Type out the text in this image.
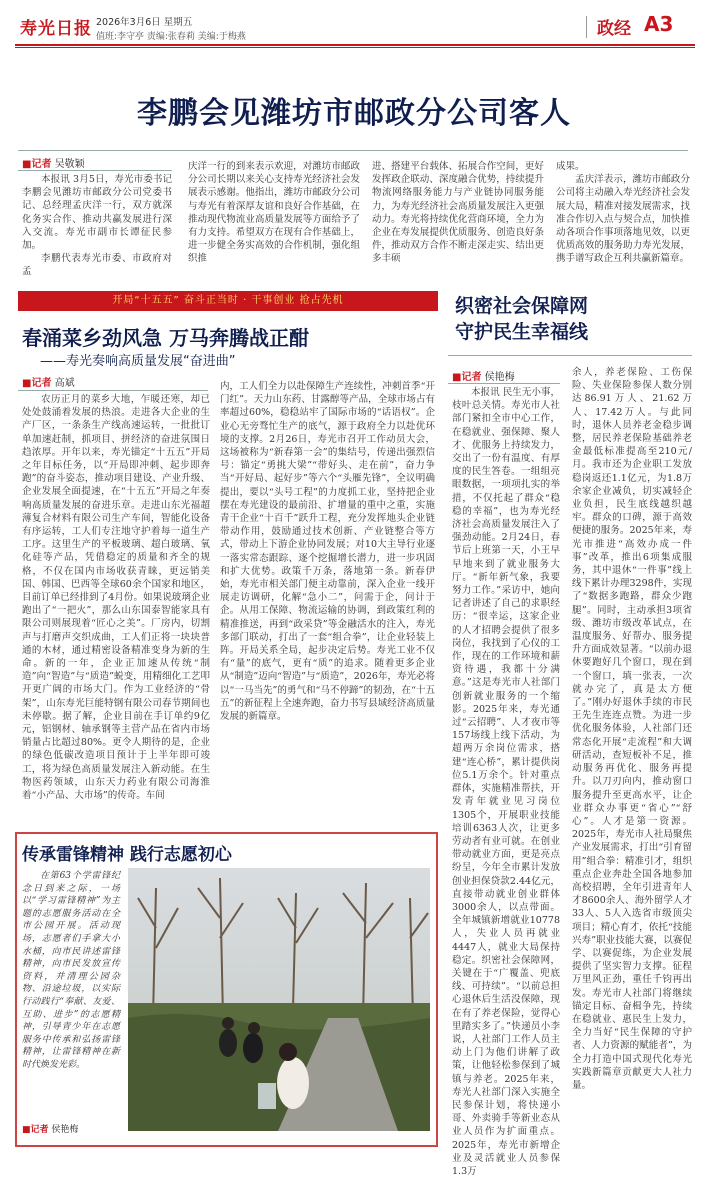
寿光日报 2026年3月6日 星期五
值班:李守亭 责编:张春莉 美编:于梅燕	政经 A3
李鹏会见潍坊市邮政分公司客人
■记者 吴敬颖

本报讯 3月5日，寿光市委书记李鹏会见潍坊市邮政分公司党委书记、总经理孟庆洋一行，双方就深化务实合作、推动共赢发展进行深入交流。寿光市副市长谭征民参加。

李鹏代表寿光市委、市政府对孟

庆洋一行的到来表示欢迎，对潍坊市邮政分公司长期以来关心支持寿光经济社会发展表示感谢。他指出，潍坊市邮政分公司与寿光有着深厚友谊和良好合作基础，在推动现代物流业高质量发展等方面给予了有力支持。希望双方在现有合作基础上，进一步健全务实高效的合作机制，强化组织推

进、搭建平台载体、拓展合作空间，更好发挥政企联动、深度融合优势，持续提升物流网络服务能力与产业链协同服务能力，为寿光经济社会高质量发展注入更强动力。寿光将持续优化营商环境，全力为企业在寿发展提供优质服务、创造良好条件，推动双方合作不断走深走实、结出更多丰硕

成果。

孟庆洋表示，潍坊市邮政分公司将主动融入寿光经济社会发展大局，精准对接发展需求，找准合作切入点与契合点，加快推动各项合作事项落地见效，以更优质高效的服务助力寿光发展，携手谱写政企互利共赢新篇章。

开局“十五五” 奋斗正当时 · 干事创业 抢占先机
春涌菜乡劲风急 万马奔腾战正酣
——寿光奏响高质量发展“奋进曲”
■记者 高斌

农历正月的菜乡大地，乍暖还寒，却已处处鼓涌着发展的热浪。走进各大企业的生产厂区，一条条生产线高速运转，一批批订单加速赶制，抓项目、拼经济的奋进氛围日趋浓厚。开年以来，寿光锚定“十五五”开局之年目标任务，以“开局即冲刺、起步即奔跑”的奋斗姿态，推动项目建设、产业升级、企业发展全面提速，在“十五五”开局之年奏响高质量发展的奋进乐章。走进山东光福超薄复合材料有限公司生产车间，智能化设备有序运转，工人们专注地守护着每一道生产工序。这里生产的平板玻璃、超白玻璃、氧化硅等产品，凭借稳定的质量和齐全的规格，不仅在国内市场收获青睐，更远销美国、韩国、巴西等全球60余个国家和地区，目前订单已经排到了4月份。如果说玻璃企业跑出了“一把火”，那么山东国泰智能家具有限公司则展现着“匠心之美”。厂房内，切割声与打磨声交织成曲，工人们正将一块块普通的木材，通过精密设备精准变身为新的生命。新的一年，企业正加速从传统“制造”向“智造”与“质造”蜕变，用精细化工艺叩开更广阔的市场大门。作为工业经济的“骨架”，山东寿光巨能特钢有限公司春节期间也未停歇。据了解，企业目前在手订单约9亿元，铝钢材、轴承钢等主营产品在省内市场销量占比超过80%。更令人期待的是，企业的绿色低碳改造项目预计于上半年即可竣工，将为绿色高质量发展注入新动能。在生物医药领域，山东天力药业有限公司海淮着“小产品、大市场”的传奇。车间

内，工人们全力以赴保障生产连续性，冲刺首季“开门红”。天力山东药、甘露醇等产品，全球市场占有率超过60%，稳稳站牢了国际市场的“话语权”。企业心无旁骛忙生产的底气，源于政府全力以赴优环境的支撑。2月26日，寿光市召开工作动员大会，这场被称为“新春第一会”的集结号，传递出强烈信号：锚定“勇挑大梁”“带好头、走在前”，奋力争当“开好局、起好步”等六个“头雁先锋”，全议明确提出，要以“头号工程”的力度抓工业，坚持把企业摆在寿光建设的最前沿、扩增量的重中之重，实施青干企业“十百千”跃升工程，充分发挥地头企业链带动作用，鼓励通过技术创新、产业链整合等方式，带动上下游企业协同发展；对10大主导行业逐一落实常态跟踪、逐个挖掘增长潜力，进一步巩固和扩大优势。政策千万条，落地第一条。新春伊始，寿光市相关部门便主动靠前，深入企业一线开展走访调研，化解“急小二”，问需于企，问计于企。从用工保障、物流运输的协调，到政策红利的精准推送，再到“政采贷”等金融活水的注入，寿光多部门联动，打出了一套“组合拳”，让企业轻装上阵。开局关系全局，起步决定后势。寿光工业不仅有“量”的底气，更有“质”的追求。随着更多企业从“制造”迈向“智造”与“质造”，2026年，寿光必将以“一马当先”的勇气和“马不停蹄”的韧劲，在“十五五”的新征程上全速奔跑，奋力书写县域经济高质量发展的新篇章。

织密社会保障网
守护民生幸福线
■记者 侯艳梅

本报讯 民生无小事，枝叶总关情。寿光市人社部门紧扣全市中心工作，在稳就业、强保障、聚人才、优服务上持续发力，交出了一份有温度、有厚度的民生答卷。一组组亮眼数据，一项项扎实的举措，不仅托起了群众“稳稳的幸福”，也为寿光经济社会高质量发展注入了强劲动能。2月24日，春节后上班第一天，小王早早地来到了就业服务大厅。“新年新气象，我要努力工作。”采访中，她向记者讲述了自己的求职经历：“很幸运，这家企业的人才招聘会提供了很多岗位，我找到了心仪的工作，现在的工作环境和薪资待遇，我都十分满意。”这是寿光市人社部门创新就业服务的一个缩影。2025年来，寿光通过“云招聘”、人才夜市等157场线上线下活动，为超两万余岗位需求，搭建“连心桥”，累计提供岗位5.1万余个。针对重点群体，实施精准帮扶，开发青年就业见习岗位1305个，开展职业技能培训6363人次，让更多劳动者有业可就。在创业带动就业方面，更是亮点纷呈，今年全市累计发放创业担保贷款2.44亿元，直接带动就业创业群体3000余人，以点带面。全年城镇新增就业10778人，失业人员再就业4447人，就业大局保持稳定。织密社会保障网，关键在于“广覆盖、兜底线、可持续”。“以前总担心退休后生活没保障，现在有了养老保险，觉得心里踏实多了。”快递员小李说，人社部门工作人员主动上门为他们讲解了政策，让他轻松参保到了城镇与养老。2025年来，寿光人社部门深入实施全民参保计划，将快递小哥、外卖骑手等新业态从业人员作为扩面重点。2025年，寿光市新增企业及灵活就业人员参保1.3万

余人，养老保险、工伤保险、失业保险参保人数分别达86.91万人、21.62万人、17.42万人。与此同时，退休人员养老金稳步调整，居民养老保险基础养老金最低标准提高至210元/月。我市还为企业职工发放稳岗返还1.1亿元，为1.8万余家企业减负，切实减轻企业负担，民生底线越织越牢。群众的口碑，源于高效便捷的服务。2025年来，寿光市推进“高效办成一件事”改革，推出6项集成服务，其中退休“一件事”线上线下累计办理3298件，实现了“数据多跑路，群众少跑腿”。同时，主动承担3项省级、潍坊市级改革试点，在温度服务、好帮办、服务提升方面成效显著。“以前办退休要跑好几个窗口，现在到一个窗口，填一张表，一次就办完了，真是太方便了。”刚办好退休手续的市民王先生连连点赞。为进一步优化服务体验，人社部门还常态化开展“走流程”和大调研活动，查短板补不足，推动服务再优化、服务再提升。以刀刃向内，推动窗口服务提升至更高水平，让企业群众办事更“省心”“舒心”。人才是第一资源。2025年，寿光市人社局聚焦产业发展需求，打出“引育留用”组合拳：精准引才，组织重点企业奔赴全国各地参加高校招聘，全年引进青年人才8600余人、海外留学人才33人、5人入选省市级顶尖项目；精心育才，依托“技能兴寿”职业技能大赛，以赛促学、以赛促练，为企业发展提供了坚实智力支撑。征程万里风正劲，重任千钧再出发。寿光市人社部门将继续锚定目标、奋楫争先，持续在稳就业、惠民生上发力，全力当好“民生保障的守护者、人力资源的赋能者”，为全力打造中国式现代化寿光实践新篇章贡献更大人社力量。

传承雷锋精神 践行志愿初心

在第63个学雷锋纪念日到来之际，一场以“学习雷锋精神”为主题的志愿服务活动在全市公园开展。活动现场，志愿者们手拿大小水桶，向市民讲述雷锋精神，向市民发放宣传资料，并清理公园杂物、沿途垃圾，以实际行动践行“奉献、友爱、互助、进步”的志愿精神，引导青少年在志愿服务中传承和弘扬雷锋精神，让雷锋精神在新时代焕发光彩。

■记者 侯艳梅
